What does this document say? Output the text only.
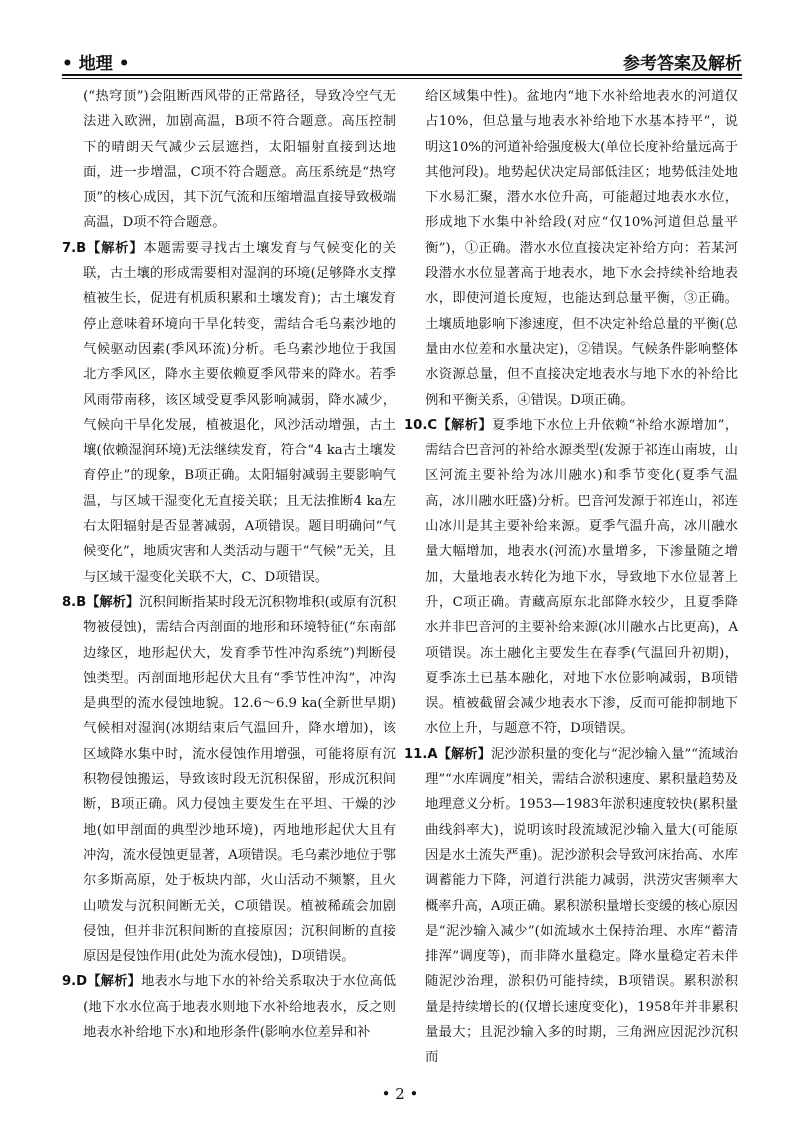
• 地理 •	参考答案及解析

(“热穹顶”)会阻断西风带的正常路径，导致冷空气无法进入欧洲，加剧高温，B项不符合题意。高压控制下的晴朗天气减少云层遮挡，太阳辐射直接到达地面，进一步增温，C项不符合题意。高压系统是“热穹顶”的核心成因，其下沉气流和压缩增温直接导致极端高温，D项不符合题意。

7.B【解析】本题需要寻找古土壤发育与气候变化的关联，古土壤的形成需要相对湿润的环境(足够降水支撑植被生长，促进有机质积累和土壤发育)；古土壤发育停止意味着环境向干旱化转变，需结合毛乌素沙地的气候驱动因素(季风环流)分析。毛乌素沙地位于我国北方季风区，降水主要依赖夏季风带来的降水。若季风雨带南移，该区域受夏季风影响减弱，降水减少，气候向干旱化发展，植被退化，风沙活动增强，古土壤(依赖湿润环境)无法继续发育，符合“4 ka古土壤发育停止”的现象，B项正确。太阳辐射减弱主要影响气温，与区域干湿变化无直接关联；且无法推断4 ka左右太阳辐射是否显著减弱，A项错误。题目明确问“气候变化”，地质灾害和人类活动与题干“气候”无关，且与区域干湿变化关联不大，C、D项错误。

8.B【解析】沉积间断指某时段无沉积物堆积(或原有沉积物被侵蚀)，需结合丙剖面的地形和环境特征(“东南部边缘区，地形起伏大，发育季节性冲沟系统”)判断侵蚀类型。丙剖面地形起伏大且有“季节性冲沟”，冲沟是典型的流水侵蚀地貌。12.6～6.9 ka(全新世早期)气候相对湿润(冰期结束后气温回升，降水增加)，该区域降水集中时，流水侵蚀作用增强，可能将原有沉积物侵蚀搬运，导致该时段无沉积保留，形成沉积间断，B项正确。风力侵蚀主要发生在平坦、干燥的沙地(如甲剖面的典型沙地环境)，丙地地形起伏大且有冲沟，流水侵蚀更显著，A项错误。毛乌素沙地位于鄂尔多斯高原，处于板块内部，火山活动不频繁，且火山喷发与沉积间断无关，C项错误。植被稀疏会加剧侵蚀，但并非沉积间断的直接原因；沉积间断的直接原因是侵蚀作用(此处为流水侵蚀)，D项错误。

9.D【解析】地表水与地下水的补给关系取决于水位高低(地下水水位高于地表水则地下水补给地表水，反之则地表水补给地下水)和地形条件(影响水位差异和补

给区域集中性)。盆地内“地下水补给地表水的河道仅占10%，但总量与地表水补给地下水基本持平”，说明这10%的河道补给强度极大(单位长度补给量远高于其他河段)。地势起伏决定局部低洼区；地势低洼处地下水易汇聚，潜水水位升高，可能超过地表水水位，形成地下水集中补给段(对应“仅10%河道但总量平衡”)，①正确。潜水水位直接决定补给方向：若某河段潜水水位显著高于地表水，地下水会持续补给地表水，即使河道长度短，也能达到总量平衡，③正确。土壤质地影响下渗速度，但不决定补给总量的平衡(总量由水位差和水量决定)，②错误。气候条件影响整体水资源总量，但不直接决定地表水与地下水的补给比例和平衡关系，④错误。D项正确。

10.C【解析】夏季地下水位上升依赖“补给水源增加”，需结合巴音河的补给水源类型(发源于祁连山南坡，山区河流主要补给为冰川融水)和季节变化(夏季气温高，冰川融水旺盛)分析。巴音河发源于祁连山，祁连山冰川是其主要补给来源。夏季气温升高，冰川融水量大幅增加，地表水(河流)水量增多，下渗量随之增加，大量地表水转化为地下水，导致地下水位显著上升，C项正确。青藏高原东北部降水较少，且夏季降水并非巴音河的主要补给来源(冰川融水占比更高)，A项错误。冻土融化主要发生在春季(气温回升初期)，夏季冻土已基本融化，对地下水位影响减弱，B项错误。植被截留会减少地表水下渗，反而可能抑制地下水位上升，与题意不符，D项错误。

11.A【解析】泥沙淤积量的变化与“泥沙输入量”“流域治理”“水库调度”相关，需结合淤积速度、累积量趋势及地理意义分析。1953—1983年淤积速度较快(累积量曲线斜率大)，说明该时段流域泥沙输入量大(可能原因是水土流失严重)。泥沙淤积会导致河床抬高、水库调蓄能力下降，河道行洪能力减弱，洪涝灾害频率大概率升高，A项正确。累积淤积量增长变缓的核心原因是“泥沙输入减少”(如流域水土保持治理、水库“蓄清排浑”调度等)，而非降水量稳定。降水量稳定若未伴随泥沙治理，淤积仍可能持续，B项错误。累积淤积量是持续增长的(仅增长速度变化)，1958年并非累积量最大；且泥沙输入多的时期，三角洲应因泥沙沉积而

• 2 •
